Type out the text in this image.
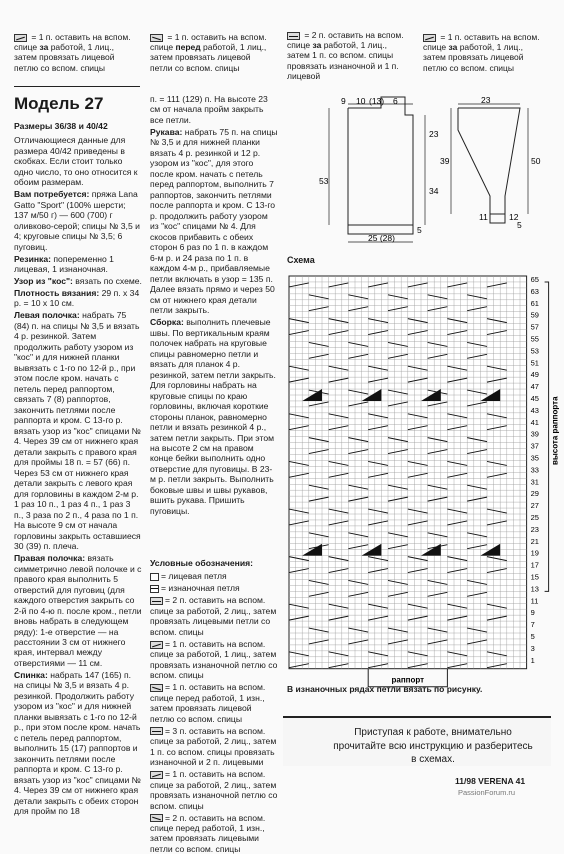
= 1 п. оставить на вспом. спице за работой, 1 лиц., затем провязать лицевой петлю со вспом. спицы
= 1 п. оставить на вспом. спице перед работой, 1 лиц., затем провязать лицевой петли со вспом. спицы
= 2 п. оставить на вспом. спице за работой, 1 лиц., затем 1 п. со вспом. спицы провязать изнаночной и 1 п. лицевой
= 1 п. оставить на вспом. спице за работой, 1 лиц., затем провязать лицевой петлю со вспом. спицы
Модель 27

Размеры 36/38 и 40/42

Отличающиеся данные для размера 40/42 приведены в скобках. Если стоит только одно число, то оно относится к обоим размерам.

Вам потребуется: пряжа Lana Gatto "Sport" (100% шерсти; 137 м/50 г) — 600 (700) г оливково-серой; спицы № 3,5 и 4; круговые спицы № 3,5; 6 пуговиц.

Резинка: попеременно 1 лицевая, 1 изнаночная.

Узор из "кос": вязать по схеме.

Плотность вязания: 29 п. х 34 р. = 10 х 10 см.

Левая полочка: набрать 75 (84) п. на спицы № 3,5 и вязать 4 р. резинкой. Затем продолжить работу узором из "кос" и для нижней планки вывязать с 1-го по 12-й р., при этом после кром. начать с петель перед раппортом, связать 7 (8) раппортов, закончить петлями после раппорта и кром. С 13-го р. вязать узор из "кос" спицами № 4. Через 39 см от нижнего края детали закрыть с правого края для проймы 18 п. = 57 (66) п. Через 53 см от нижнего края детали закрыть с левого края для горловины в каждом 2-м р. 1 раз 10 п., 1 раз 4 п., 1 раз 3 п., 3 раза по 2 п., 4 раза по 1 п. На высоте 9 см от начала горловины закрыть оставшиеся 30 (39) п. плеча.

Правая полочка: вязать симметрично левой полочке и с правого края выполнить 5 отверстий для пуговиц (для каждого отверстия закрыть со 2-й по 4-ю п. после кром., петли вновь набрать в следующем ряду): 1-е отверстие — на расстоянии 3 см от нижнего края, интервал между отверстиями — 11 см.

Спинка: набрать 147 (165) п. на спицы № 3,5 и вязать 4 р. резинкой. Продолжить работу узором из "кос" и для нижней планки вывязать с 1-го по 12-й р., при этом после кром. начать с петель перед раппортом, выполнить 15 (17) раппортов и закончить петлями после раппорта и кром. С 13-го р. вязать узор из "кос" спицами № 4. Через 39 см от нижнего края детали закрыть с обеих сторон для пройм по 18

п. = 111 (129) п. На высоте 23 см от начала пройм закрыть все петли.

Рукава: набрать 75 п. на спицы № 3,5 и для нижней планки вязать 4 р. резинкой и 12 р. узором из "кос", для этого после кром. начать с петель перед раппортом, выполнить 7 раппортов, закончить петлями после раппорта и кром. С 13-го р. продолжить работу узором из "кос" спицами № 4. Для скосов прибавить с обеих сторон 6 раз по 1 п. в каждом 6-м р. и 24 раза по 1 п. в каждом 4-м р., прибавляемые петли включать в узор = 135 п. Далее вязать прямо и через 50 см от нижнего края детали петли закрыть.

Сборка: выполнить плечевые швы. По вертикальным краям полочек набрать на круговые спицы равномерно петли и вязать для планок 4 р. резинкой, затем петли закрыть. Для горловины набрать на круговые спицы по краю горловины, включая короткие стороны планок, равномерно петли и вязать резинкой 4 р., затем петли закрыть. При этом на высоте 2 см на правом конце бейки выполнить одно отверстие для пуговицы. В 23-м р. петли закрыть. Выполнить боковые швы и швы рукавов, вшить рукава. Пришить пуговицы.

Условные обозначения:

= лицевая петля

= изнаночная петля

= 2 п. оставить на вспом. спице за работой, 2 лиц., затем провязать лицевыми петли со вспом. спицы

= 1 п. оставить на вспом. спице за работой, 1 лиц., затем провязать изнаночной петлю со вспом. спицы

= 1 п. оставить на вспом. спице перед работой, 1 изн., затем провязать лицевой петлю со вспом. спицы

= 3 п. оставить на вспом. спице за работой, 2 лиц., затем 1 п. со вспом. спицы провязать изнаночной и 2 п. лицевыми

= 1 п. оставить на вспом. спице за работой, 2 лиц., затем провязать изнаночной петлю со вспом. спицы

= 2 п. оставить на вспом. спице перед работой, 1 изн., затем провязать лицевыми петли со вспом. спицы

9 10 (13) 6
23
34
53
25 (28)
5
23
39	50
11 12
5
Схема
65
63
61
59
57
55
53
51
49
47
45
43
41
39
37
35
33
31
29
27
25
23
21
19
17
15
13
11
9
7
5
3
1
раппорт
высота раппорта
В изнаночных рядах петли вязать по рисунку.
Приступая к работе, внимательно прочитайте всю инструкцию и разберитесь в схемах.
11/98 VERENA 41
PassionForum.ru
